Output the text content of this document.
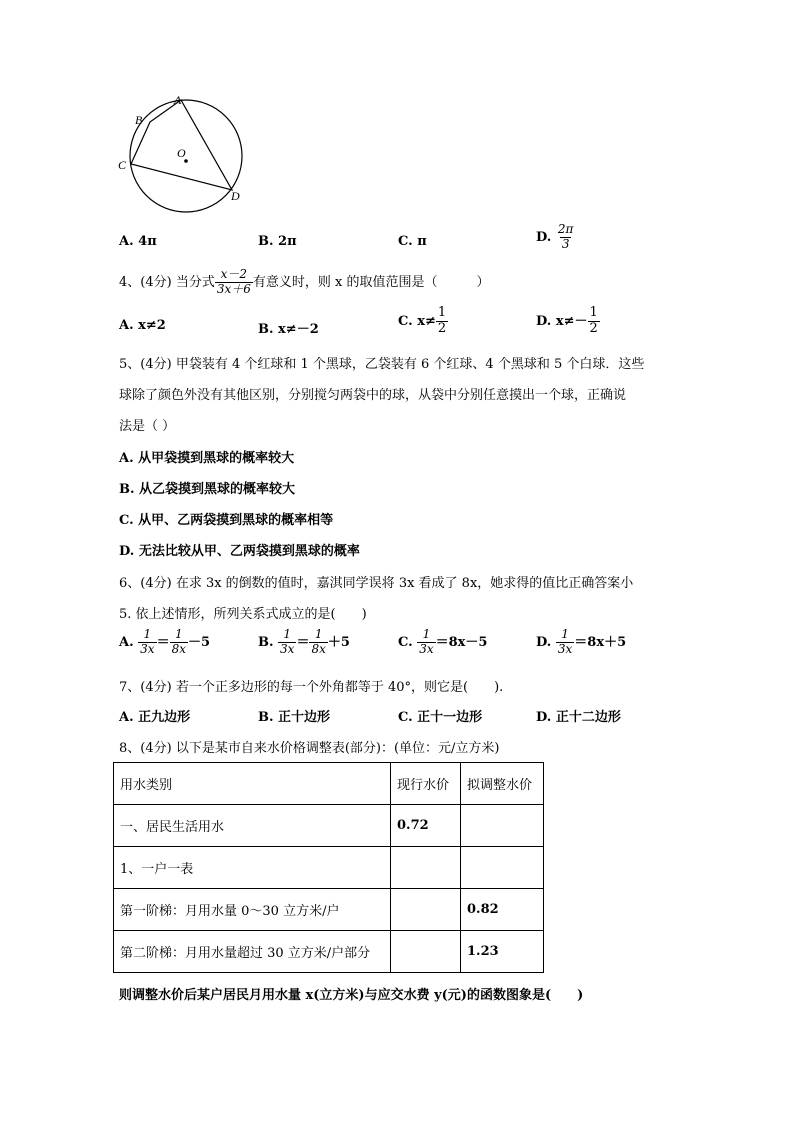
A
B
C
O
D
A. 4π	B. 2π	C. π	D. $\frac{2\pi}{3}$
4、(4分) 当分式 $\frac{x-2}{3x+6}$ 有意义时，则 x 的取值范围是（　　　）
A. x≠2	B. x≠－2
C. $x\ne \frac{1}{2}$	D. $x\ne- \frac{1}{2}$
5、(4分) 甲袋装有 4 个红球和 1 个黑球，乙袋装有 6 个红球、4 个黑球和 5 个白球．这些
球除了颜色外没有其他区别，分别搅匀两袋中的球，从袋中分别任意摸出一个球，正确说
法是（ ）
A. 从甲袋摸到黑球的概率较大
B. 从乙袋摸到黑球的概率较大
C. 从甲、乙两袋摸到黑球的概率相等
D. 无法比较从甲、乙两袋摸到黑球的概率
6、(4分) 在求 3x 的倒数的值时，嘉淇同学误将 3x 看成了 8x，她求得的值比正确答案小
5. 依上述情形，所列关系式成立的是(　　)
A. $\frac{1}{3x} = \frac{1}{8x} -5$	B. $\frac{1}{3x} = \frac{1}{8x} +5$	C. $\frac{1}{3x} =8x-5$	D. $\frac{1}{3x} =8x+5$
7、(4分) 若一个正多边形的每一个外角都等于 40°，则它是(　　).
A. 正九边形	B. 正十边形	C. 正十一边形	D. 正十二边形
8、(4分) 以下是某市自来水价格调整表(部分)：(单位：元/立方米)
用水类别	现行水价	拟调整水价
一、居民生活用水	0.72	
1、一户一表		
第一阶梯：月用水量 0～30 立方米/户		0.82
第二阶梯：月用水量超过 30 立方米/户部分		1.23
则调整水价后某户居民月用水量 x(立方米)与应交水费 y(元)的函数图象是(　　)
